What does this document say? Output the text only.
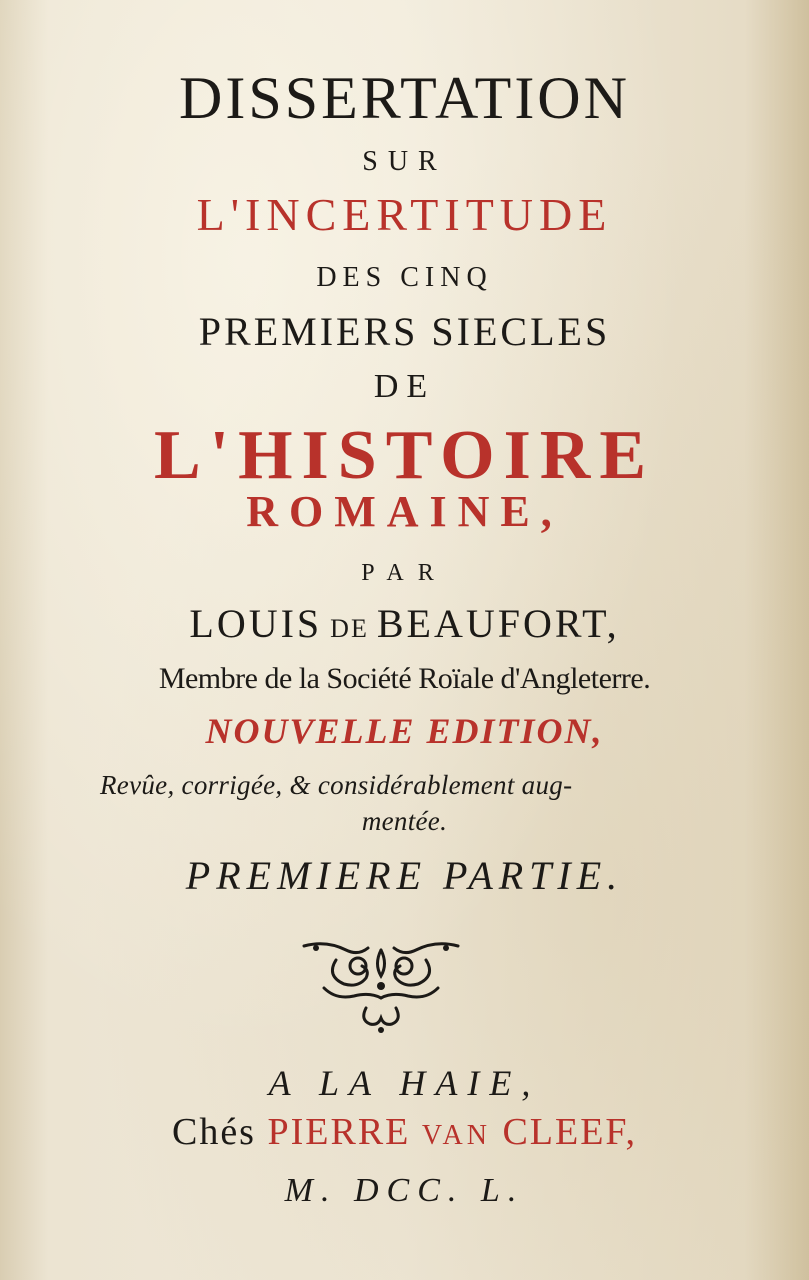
DISSERTATION
SUR
L'INCERTITUDE
DES CINQ
PREMIERS SIECLES
DE
L'HISTOIRE
ROMAINE,
PAR
LOUIS DE BEAUFORT,
Membre de la Société Roïale d'Angleterre.
NOUVELLE EDITION,
Revûe, corrigée, & considérablement aug-
mentée.
PREMIERE PARTIE.
A LA HAIE,
Chés PIERRE VAN CLEEF,
M. DCC. L.
